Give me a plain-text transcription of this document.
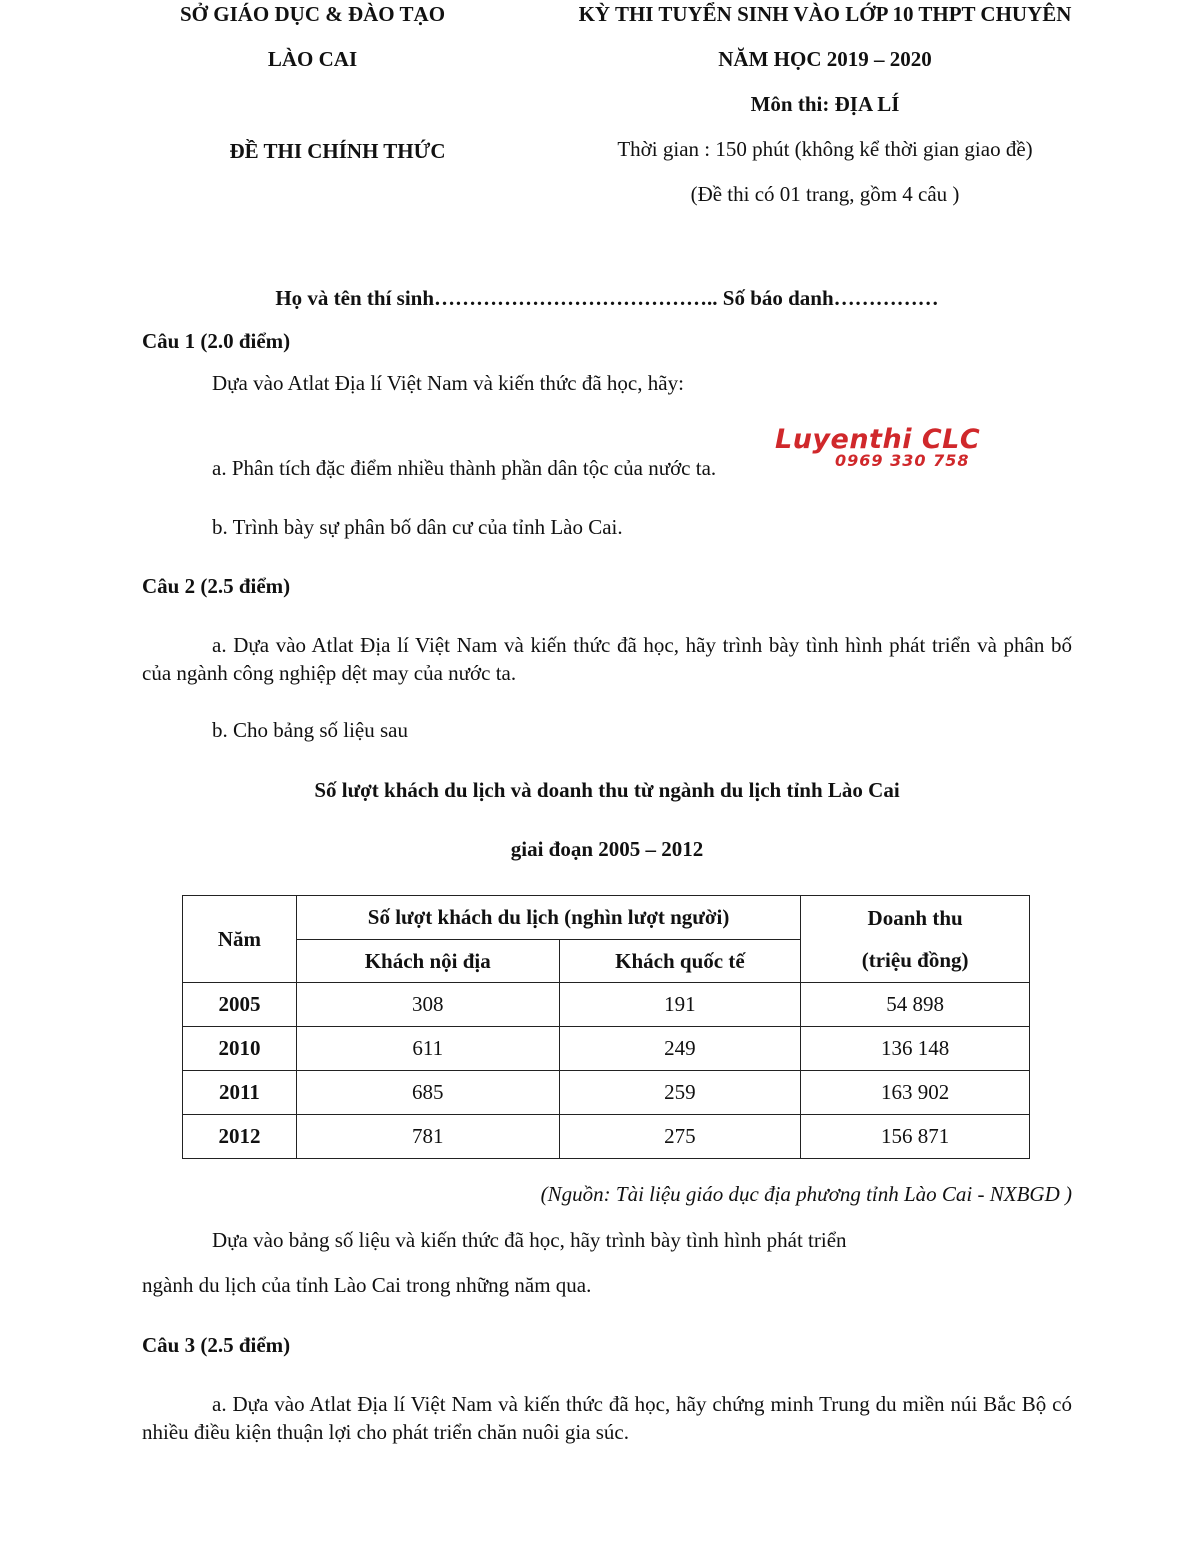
SỞ GIÁO DỤC & ĐÀO TẠO
LÀO CAI
ĐỀ THI CHÍNH THỨC
KỲ THI TUYỂN SINH VÀO LỚP 10 THPT CHUYÊN
NĂM HỌC 2019 – 2020
Môn thi: ĐỊA LÍ
Thời gian : 150 phút (không kể thời gian giao đề)
(Đề thi có 01 trang, gồm 4 câu )
Họ và tên thí sinh………………………………….. Số báo danh……………
Câu 1 (2.0 điểm)
Dựa vào Atlat Địa lí Việt Nam và kiến thức đã học, hãy:
a. Phân tích đặc điểm nhiều thành phần dân tộc của nước ta.
Luyenthi CLC
0969 330 758
b. Trình bày sự phân bố dân cư của tỉnh Lào Cai.
Câu 2 (2.5 điểm)
a. Dựa vào Atlat Địa lí Việt Nam và kiến thức đã học, hãy trình bày tình hình phát triển và phân bố của ngành công nghiệp dệt may của nước ta.
b. Cho bảng số liệu sau
Số lượt khách du lịch và doanh thu từ ngành du lịch tỉnh Lào Cai
giai đoạn 2005 – 2012
Năm	Số lượt khách du lịch (nghìn lượt người)		Doanh thu
(triệu đồng)

	Khách nội địa	Khách quốc tế	
2005	308	191	54 898
2010	611	249	136 148
2011	685	259	163 902
2012	781	275	156 871
(Nguồn: Tài liệu giáo dục địa phương tỉnh Lào Cai - NXBGD )
Dựa vào bảng số liệu và kiến thức đã học, hãy trình bày tình hình phát triển
ngành du lịch của tỉnh Lào Cai trong những năm qua.
Câu 3 (2.5 điểm)
a. Dựa vào Atlat Địa lí Việt Nam và kiến thức đã học, hãy chứng minh Trung du miền núi Bắc Bộ có nhiều điều kiện thuận lợi cho phát triển chăn nuôi gia súc.
